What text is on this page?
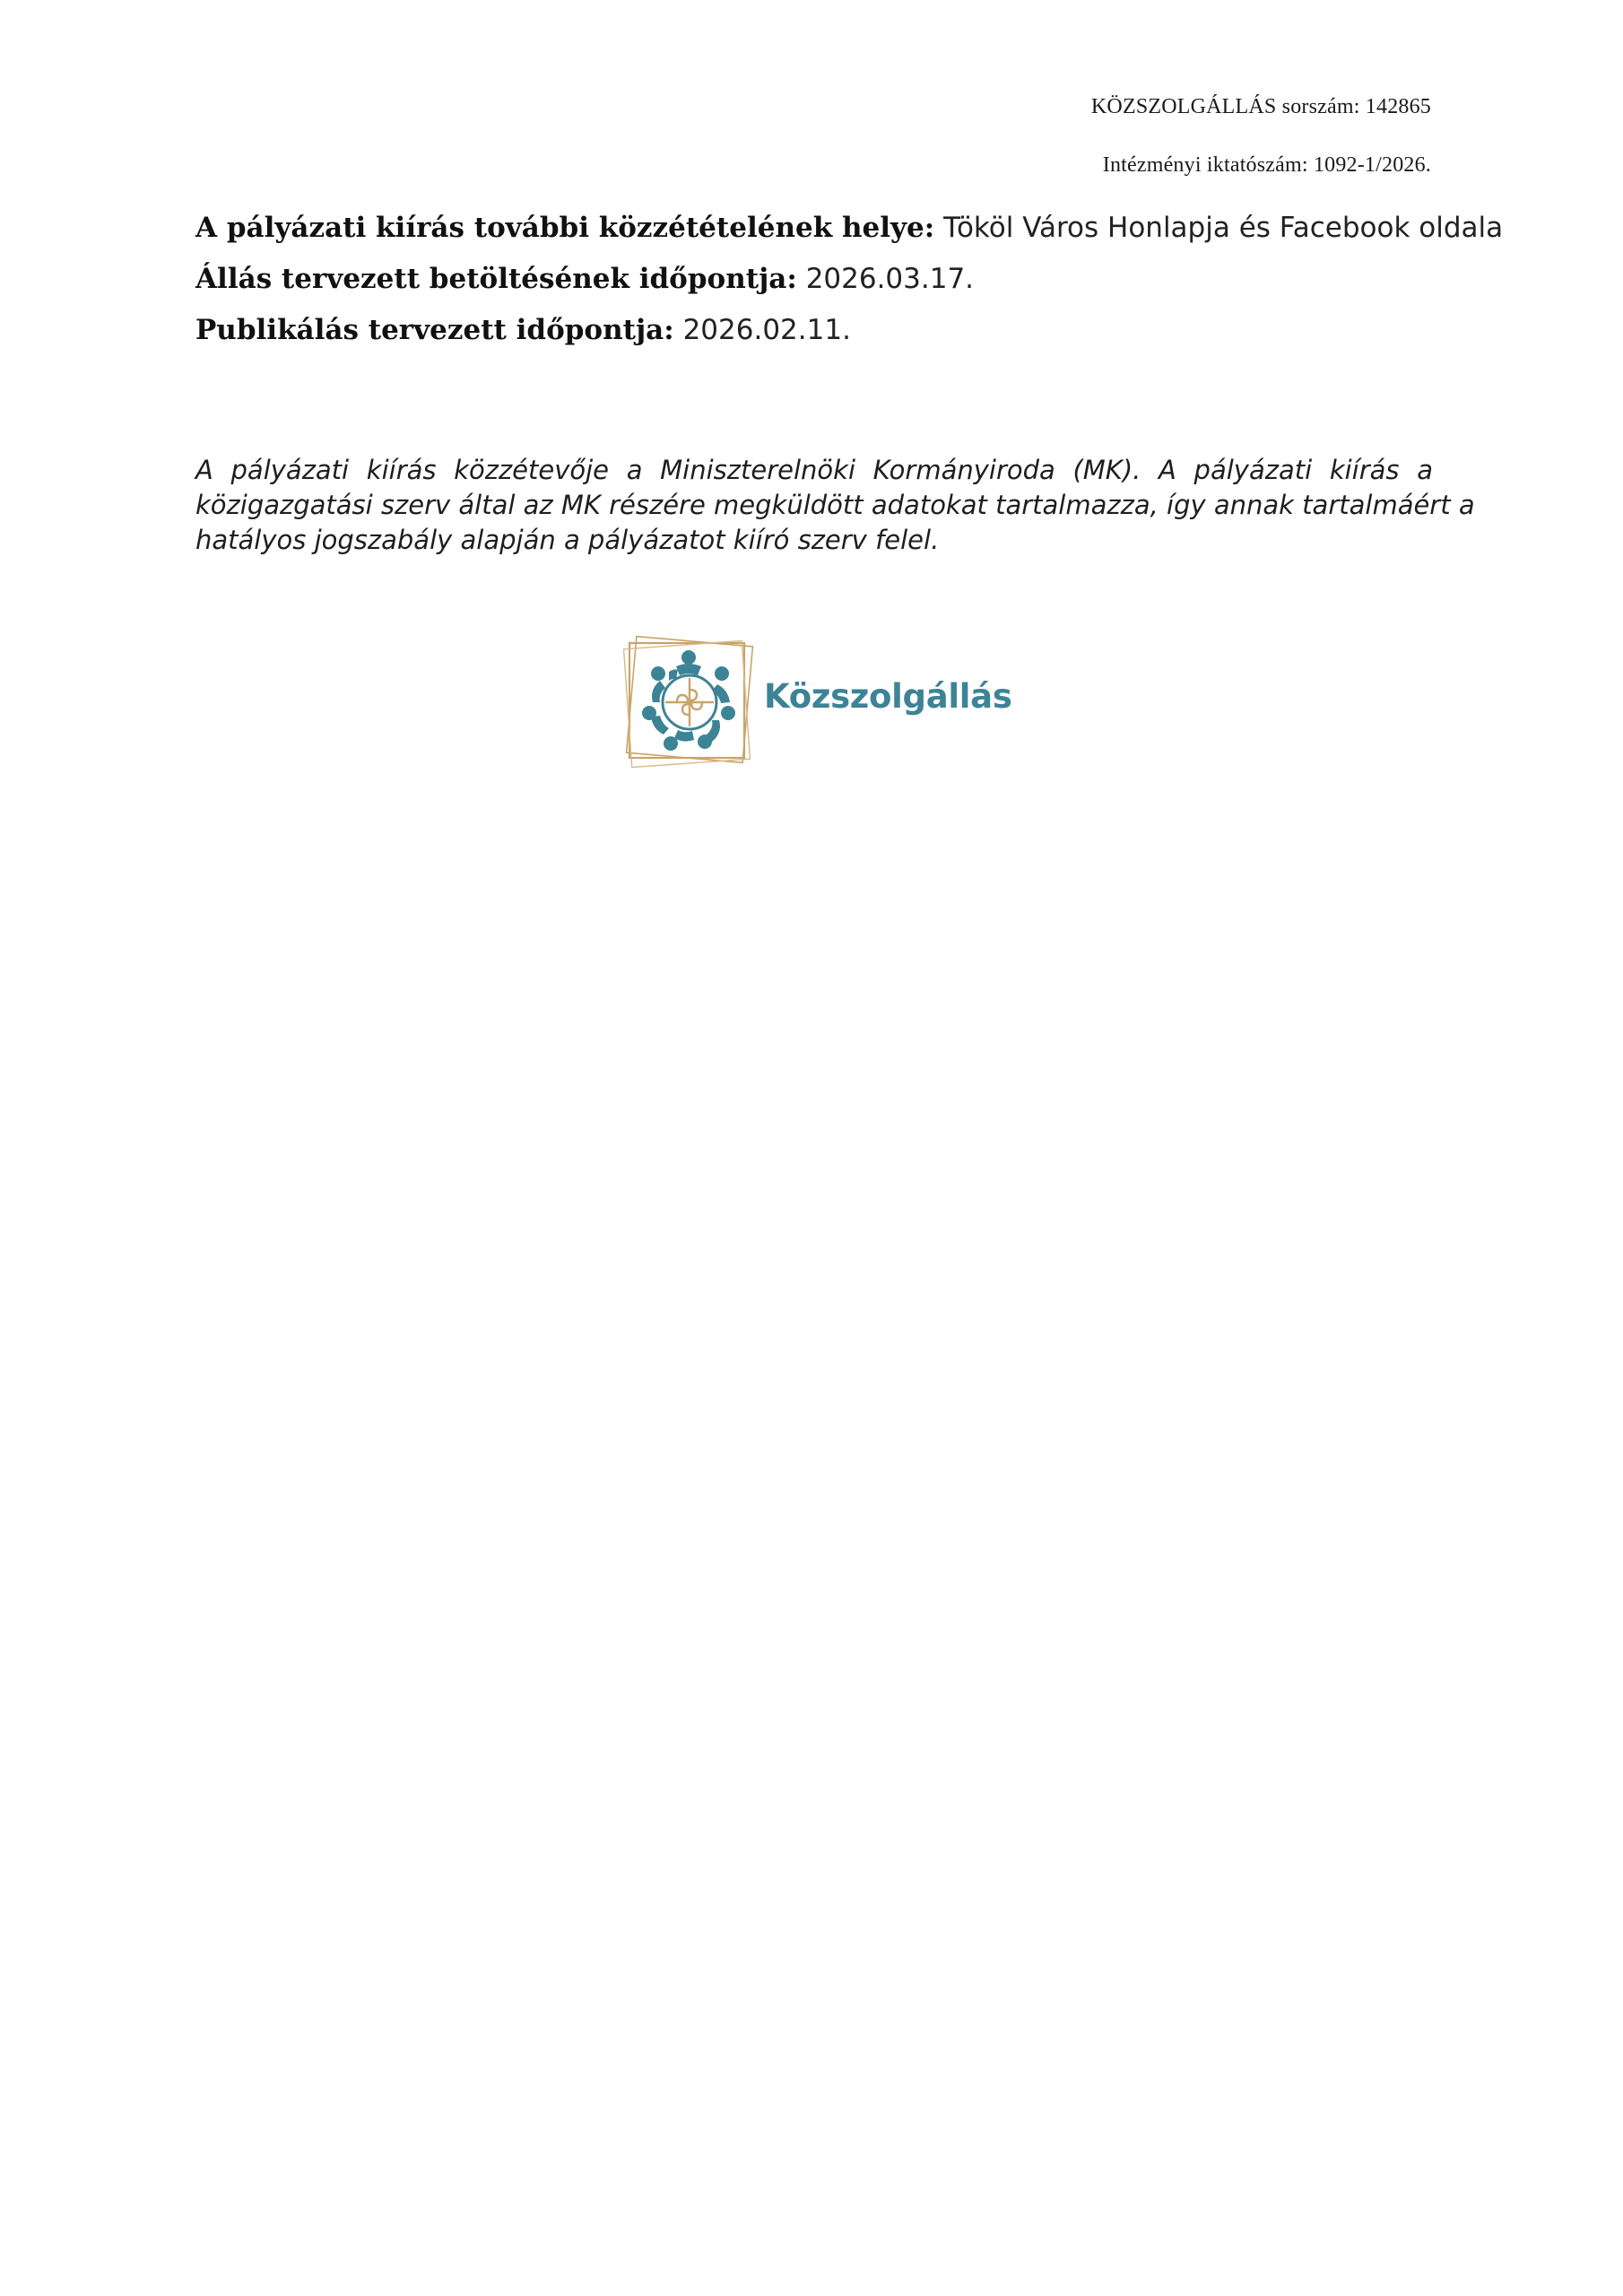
KÖZSZOLGÁLLÁS sorszám: 142865
Intézményi iktatószám: 1092-1/2026.
A pályázati kiírás további közzétételének helye: Tököl Város Honlapja és Facebook oldala
Állás tervezett betöltésének időpontja: 2026.03.17.
Publikálás tervezett időpontja: 2026.02.11.
A pályázati kiírás közzétevője a Miniszterelnöki Kormányiroda (MK). A pályázati kiírás a
közigazgatási szerv által az MK részére megküldött adatokat tartalmazza, így annak tartalmáért a
hatályos jogszabály alapján a pályázatot kiíró szerv felel.
Közszolgállás
